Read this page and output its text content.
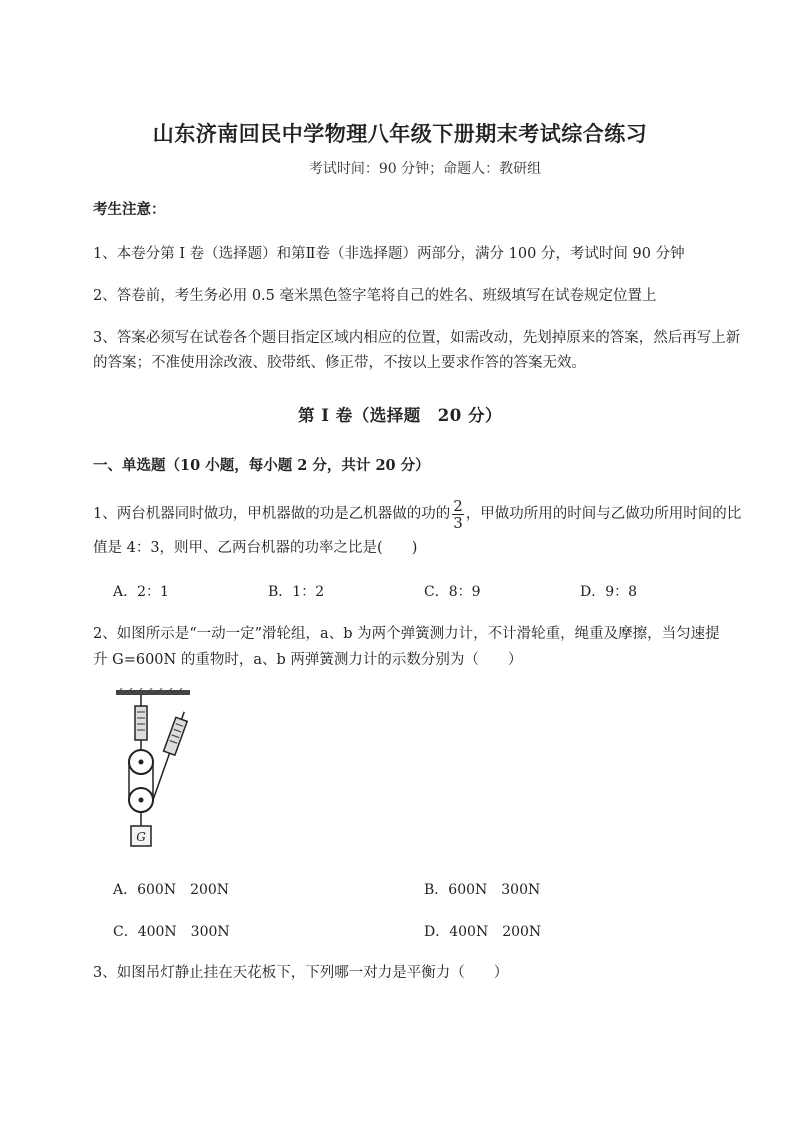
山东济南回民中学物理八年级下册期末考试综合练习
考试时间：90 分钟；命题人：教研组
考生注意：
1、本卷分第 I 卷（选择题）和第Ⅱ卷（非选择题）两部分，满分 100 分，考试时间 90 分钟
2、答卷前，考生务必用 0.5 毫米黑色签字笔将自己的姓名、班级填写在试卷规定位置上
3、答案必须写在试卷各个题目指定区域内相应的位置，如需改动，先划掉原来的答案，然后再写上新
的答案；不准使用涂改液、胶带纸、修正带，不按以上要求作答的答案无效。
第 I 卷（选择题　20 分）
一、单选题（10 小题，每小题 2 分，共计 20 分）
1、两台机器同时做功，甲机器做的功是乙机器做的功的 $\frac{2}{3}$ ，甲做功所用的时间与乙做功所用时间的比
值是 4：3，则甲、乙两台机器的功率之比是(　　)
A．2：1	B．1：2	C．8：9	D．9：8
2、如图所示是“一动一定”滑轮组，a、b 为两个弹簧测力计，不计滑轮重，绳重及摩擦，当匀速提
升 G=600N 的重物时，a、b 两弹簧测力计的示数分别为（　　）
G
A．600N　200N	B．600N　300N
C．400N　300N	D．400N　200N
3、如图吊灯静止挂在天花板下，下列哪一对力是平衡力（　　）
